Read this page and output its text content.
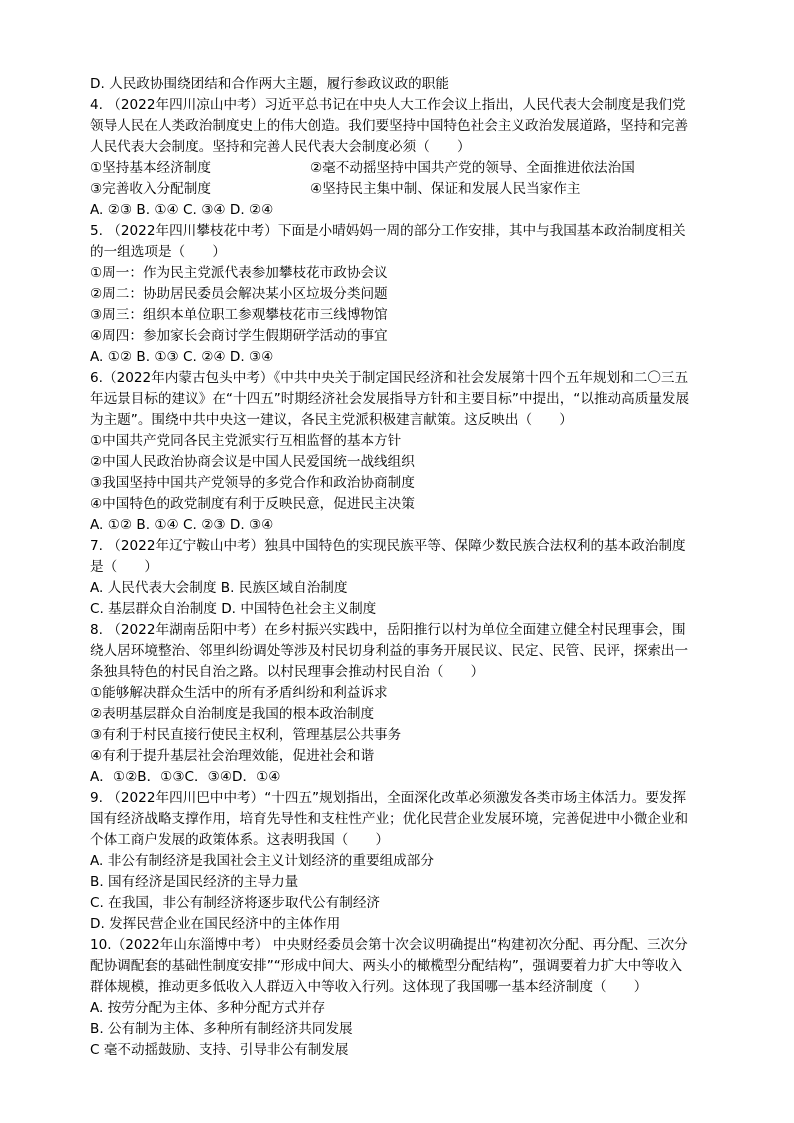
D. 人民政协围绕团结和合作两大主题，履行参政议政的职能
4. （2022年四川凉山中考）习近平总书记在中央人大工作会议上指出，人民代表大会制度是我们党
领导人民在人类政治制度史上的伟大创造。我们要坚持中国特色社会主义政治发展道路，坚持和完善
人民代表大会制度。坚持和完善人民代表大会制度必须（　　）
①坚持基本经济制度	②毫不动摇坚持中国共产党的领导、全面推进依法治国
③完善收入分配制度	④坚持民主集中制、保证和发展人民当家作主
A. ②③ B. ①④ C. ③④ D. ②④
5. （2022年四川攀枝花中考）下面是小晴妈妈一周的部分工作安排，其中与我国基本政治制度相关
的一组选项是（　　）
①周一：作为民主党派代表参加攀枝花市政协会议
②周二：协助居民委员会解决某小区垃圾分类问题
③周三：组织本单位职工参观攀枝花市三线博物馆
④周四：参加家长会商讨学生假期研学活动的事宜
A. ①② B. ①③ C. ②④ D. ③④
6.（2022年内蒙古包头中考）《中共中央关于制定国民经济和社会发展第十四个五年规划和二〇三五
年远景目标的建议》在“十四五”时期经济社会发展指导方针和主要目标”中提出，“以推动高质量发展
为主题”。围绕中共中央这一建议，各民主党派积极建言献策。这反映出（　　）
①中国共产党同各民主党派实行互相监督的基本方针
②中国人民政治协商会议是中国人民爱国统一战线组织
③我国坚持中国共产党领导的多党合作和政治协商制度
④中国特色的政党制度有利于反映民意，促进民主决策
A. ①② B. ①④ C. ②③ D. ③④
7. （2022年辽宁鞍山中考）独具中国特色的实现民族平等、保障少数民族合法权利的基本政治制度
是（　　）
A. 人民代表大会制度 B. 民族区域自治制度
C. 基层群众自治制度 D. 中国特色社会主义制度
8. （2022年湖南岳阳中考）在乡村振兴实践中，岳阳推行以村为单位全面建立健全村民理事会，围
绕人居环境整治、邻里纠纷调处等涉及村民切身利益的事务开展民议、民定、民管、民评，探索出一
条独具特色的村民自治之路。以村民理事会推动村民自治（　　）
①能够解决群众生活中的所有矛盾纠纷和利益诉求
②表明基层群众自治制度是我国的根本政治制度
③有利于村民直接行使民主权利，管理基层公共事务
④有利于提升基层社会治理效能，促进社会和谐
A．①②B．①③C．③④D．①④
9. （2022年四川巴中中考）“十四五”规划指出，全面深化改革必须激发各类市场主体活力。要发挥
国有经济战略支撑作用，培育先导性和支柱性产业；优化民营企业发展环境，完善促进中小微企业和
个体工商户发展的政策体系。这表明我国（　　）
A. 非公有制经济是我国社会主义计划经济的重要组成部分
B. 国有经济是国民经济的主导力量
C. 在我国，非公有制经济将逐步取代公有制经济
D. 发挥民营企业在国民经济中的主体作用
10.（2022年山东淄博中考） 中央财经委员会第十次会议明确提出“构建初次分配、再分配、三次分
配协调配套的基础性制度安排”“形成中间大、两头小的橄榄型分配结构”，强调要着力扩大中等收入
群体规模，推动更多低收入人群迈入中等收入行列。这体现了我国哪一基本经济制度（　　）
A. 按劳分配为主体、多种分配方式并存
B. 公有制为主体、多种所有制经济共同发展
C 毫不动摇鼓励、支持、引导非公有制发展
